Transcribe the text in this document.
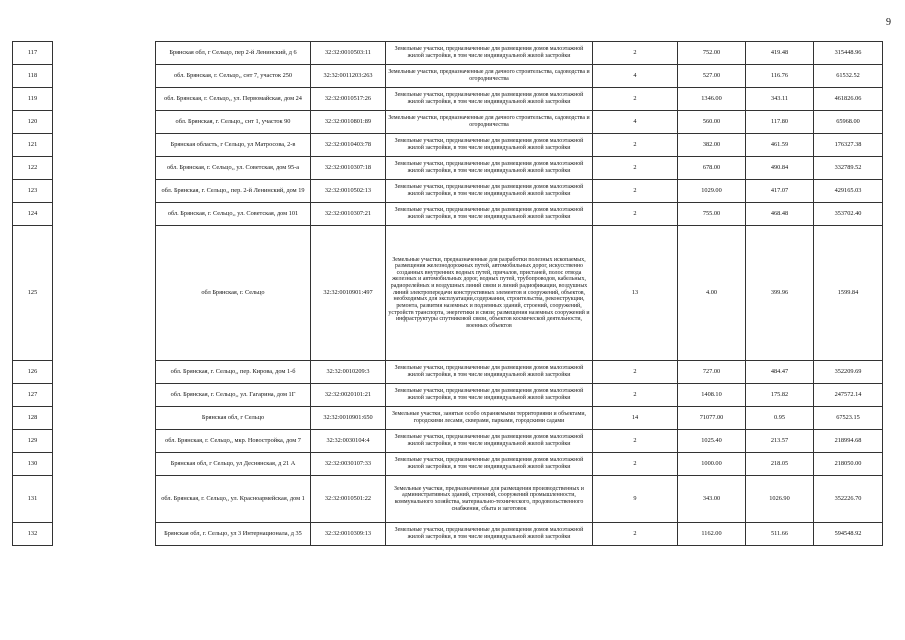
9
117		Брянская обл, г Сельцо, пер 2-й Ленинский, д 6	32:32:0010503:11	Земельные участки, предназначенные для размещения домов малоэтажной жилой застройки, в том числе индивидуальной жилой застройки	2	752.00	419.48	315448.96
118		обл. Брянская, г. Сельцо,, снт 7, участок 250	32:32:0011203:263	Земельные участки, предназначенные для дачного строительства, садоводства и огородничества	4	527.00	116.76	61532.52
119		обл. Брянская, г. Сельцо,, ул. Первомайская, дом 24	32:32:0010517:26	Земельные участки, предназначенные для размещения домов малоэтажной жилой застройки, в том числе индивидуальной жилой застройки	2	1346.00	343.11	461826.06
120		обл. Брянская, г. Сельцо,, снт 1, участок 90	32:32:0010801:89	Земельные участки, предназначенные для дачного строительства, садоводства и огородничества	4	560.00	117.80	65968.00
121		Брянская область, г Сельцо, ул Матросова, 2-в	32:32:0010403:78	Земельные участки, предназначенные для размещения домов малоэтажной жилой застройки, в том числе индивидуальной жилой застройки	2	382.00	461.59	176327.38
122		обл. Брянская, г. Сельцо,, ул. Советская, дом 95-а	32:32:0010307:18	Земельные участки, предназначенные для размещения домов малоэтажной жилой застройки, в том числе индивидуальной жилой застройки	2	678.00	490.84	332789.52
123		обл. Брянская, г. Сельцо,, пер. 2-й Ленинский, дом 19	32:32:0010502:13	Земельные участки, предназначенные для размещения домов малоэтажной жилой застройки, в том числе индивидуальной жилой застройки	2	1029.00	417.07	429165.03
124		обл. Брянская, г. Сельцо,, ул. Советская, дом 101	32:32:0010307:21	Земельные участки, предназначенные для размещения домов малоэтажной жилой застройки, в том числе индивидуальной жилой застройки	2	755.00	468.48	353702.40
125		обл Брянская, г. Сельцо	32:32:0010901:497	Земельные участки, предназначенные для разработки полезных ископаемых, размещения железнодорожных путей, автомобильных дорог, искусственно созданных внутренних водных путей, причалов, пристаней, полос отвода железных и автомобильных дорог, водных путей, трубопроводов, кабельных, радиорелейных и воздушных линий связи и линий радиофикации, воздушных линий электропередачи конструктивных элементов и сооружений, объектов, необходимых для эксплуатации,содержания, строительства, реконструкции, ремонта, развития наземных и подземных зданий, строений, сооружений, устройств транспорта, энергетики и связи; размещения наземных сооружений и инфраструктуры спутниковой связи, объектов космической деятельности, военных объектов	13	4.00	399.96	1599.84
126		обл. Брянская, г. Сельцо,, пер. Кирова, дом 1-б	32:32:0010209:3	Земельные участки, предназначенные для размещения домов малоэтажной жилой застройки, в том числе индивидуальной жилой застройки	2	727.00	484.47	352209.69
127		обл. Брянская, г. Сельцо,, ул. Гагарина, дом 1Г	32:32:0020101:21	Земельные участки, предназначенные для размещения домов малоэтажной жилой застройки, в том числе индивидуальной жилой застройки	2	1408.10	175.82	247572.14
128		Брянская обл, г Сельцо	32:32:0010901:650	Земельные участки, занятые особо охраняемыми территориями и объектами, городскими лесами, скверами, парками, городскими садами	14	71077.00	0.95	67523.15
129		обл. Брянская, г. Сельцо,, мкр. Новостройка, дом 7	32:32:0030104:4	Земельные участки, предназначенные для размещения домов малоэтажной жилой застройки, в том числе индивидуальной жилой застройки	2	1025.40	213.57	218994.68
130		Брянская обл, г Сельцо, ул Деснянская, д 21 А	32:32:0030107:33	Земельные участки, предназначенные для размещения домов малоэтажной жилой застройки, в том числе индивидуальной жилой застройки	2	1000.00	218.05	218050.00
131		обл. Брянская, г. Сельцо,, ул. Красноармейская, дом 1	32:32:0010501:22	Земельные участки, предназначенные для размещения производственных и административных зданий, строений, сооружений промышленности, коммунального хозяйства, материально-технического, продовольственного снабжения, сбыта и заготовок	9	343.00	1026.90	352226.70
132		Брянская обл, г. Сельцо, ул 3 Интернационала, д 35	32:32:0010309:13	Земельные участки, предназначенные для размещения домов малоэтажной жилой застройки, в том числе индивидуальной жилой застройки	2	1162.00	511.66	594548.92
